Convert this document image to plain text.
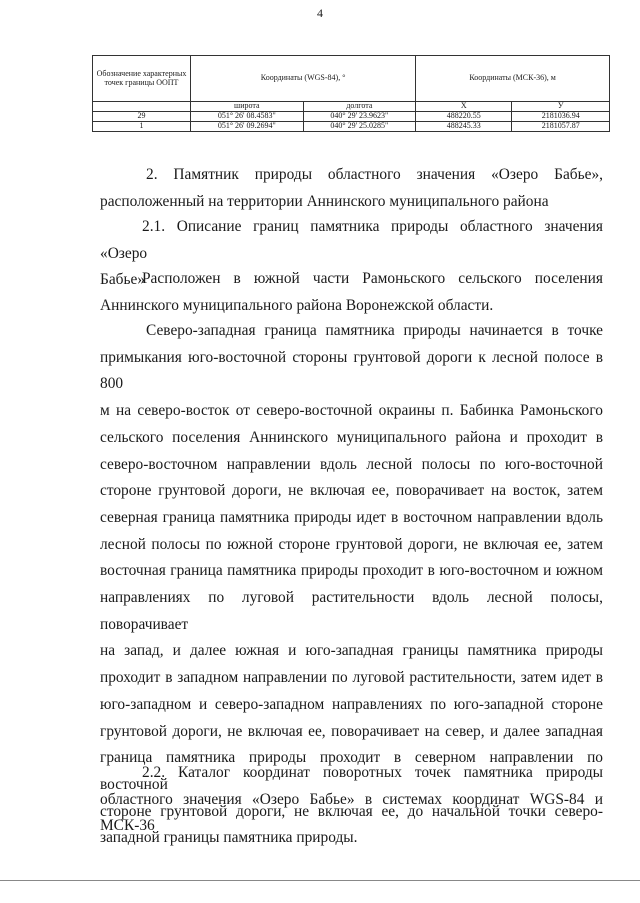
4
Обозначение характерных точек границы ООПТ	Координаты (WGS-84), °		Координаты (МСК-36), м	
	широта	долгота	X	У
29	051° 26' 08.4583"	040° 29' 23.9623"	488220.55	2181036.94
1	051° 26' 09.2694"	040° 29' 25.0285"	488245.33	2181057.87

2. Памятник природы областного значения «Озеро Бабье»,

расположенный на территории Аннинского муниципального района

2.1. Описание границ памятника природы областного значения «Озеро

Бабье»

Расположен в южной части Рамоньского сельского поселения

Аннинского муниципального района Воронежской области.

Северо-западная граница памятника природы начинается в точке

примыкания юго-восточной стороны грунтовой дороги к лесной полосе в 800

м на северо-восток от северо-восточной окраины п. Бабинка Рамоньского

сельского поселения Аннинского муниципального района и проходит в

северо-восточном направлении вдоль лесной полосы по юго-восточной

стороне грунтовой дороги, не включая ее, поворачивает на восток, затем

северная граница памятника природы идет в восточном направлении вдоль

лесной полосы по южной стороне грунтовой дороги, не включая ее, затем

восточная граница памятника природы проходит в юго-восточном и южном

направлениях по луговой растительности вдоль лесной полосы, поворачивает

на запад, и далее южная и юго-западная границы памятника природы

проходит в западном направлении по луговой растительности, затем идет в

юго-западном и северо-западном направлениях по юго-западной стороне

грунтовой дороги, не включая ее, поворачивает на север, и далее западная

граница памятника природы проходит в северном направлении по восточной

стороне грунтовой дороги, не включая ее, до начальной точки северо-

западной границы памятника природы.

2.2. Каталог координат поворотных точек памятника природы

областного значения «Озеро Бабье» в системах координат WGS-84 и МСК-36
